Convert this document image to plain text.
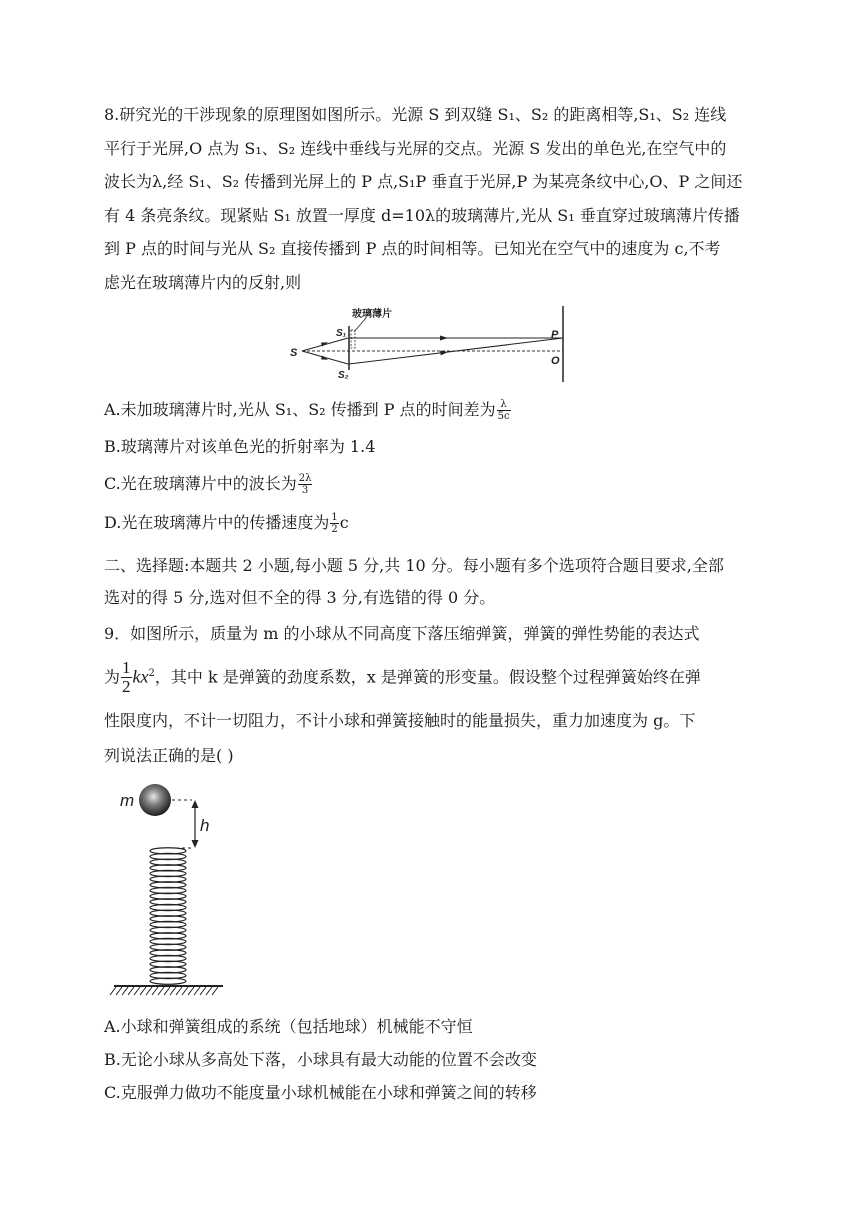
8.研究光的干涉现象的原理图如图所示。光源 S 到双缝 S₁、S₂ 的距离相等,S₁、S₂ 连线
平行于光屏,O 点为 S₁、S₂ 连线中垂线与光屏的交点。光源 S 发出的单色光,在空气中的
波长为λ,经 S₁、S₂ 传播到光屏上的 P 点,S₁P 垂直于光屏,P 为某亮条纹中心,O、P 之间还
有 4 条亮条纹。现紧贴 S₁ 放置一厚度 d=10λ的玻璃薄片,光从 S₁ 垂直穿过玻璃薄片传播
到 P 点的时间与光从 S₂ 直接传播到 P 点的时间相等。已知光在空气中的速度为 c,不考
虑光在玻璃薄片内的反射,则
玻璃薄片
S
S₁
S₂
P
O
A.未加玻璃薄片时,光从 S₁、S₂ 传播到 P 点的时间差为 $\frac{\lambda}{5c}$
B.玻璃薄片对该单色光的折射率为 1.4
C.光在玻璃薄片中的波长为 $\frac{2\lambda}{3}$
D.光在玻璃薄片中的传播速度为 $\frac{1}{2}$ c
二、选择题:本题共 2 小题,每小题 5 分,共 10 分。每小题有多个选项符合题目要求,全部
选对的得 5 分,选对但不全的得 3 分,有选错的得 0 分。
9．如图所示，质量为 m 的小球从不同高度下落压缩弹簧，弹簧的弹性势能的表达式
为 $\frac{1}{2} kx^2$，其中 k 是弹簧的劲度系数，x 是弹簧的形变量。假设整个过程弹簧始终在弹
性限度内，不计一切阻力，不计小球和弹簧接触时的能量损失，重力加速度为 g。下
列说法正确的是( )
m
h
A.小球和弹簧组成的系统（包括地球）机械能不守恒
B.无论小球从多高处下落，小球具有最大动能的位置不会改变
C.克服弹力做功不能度量小球机械能在小球和弹簧之间的转移
